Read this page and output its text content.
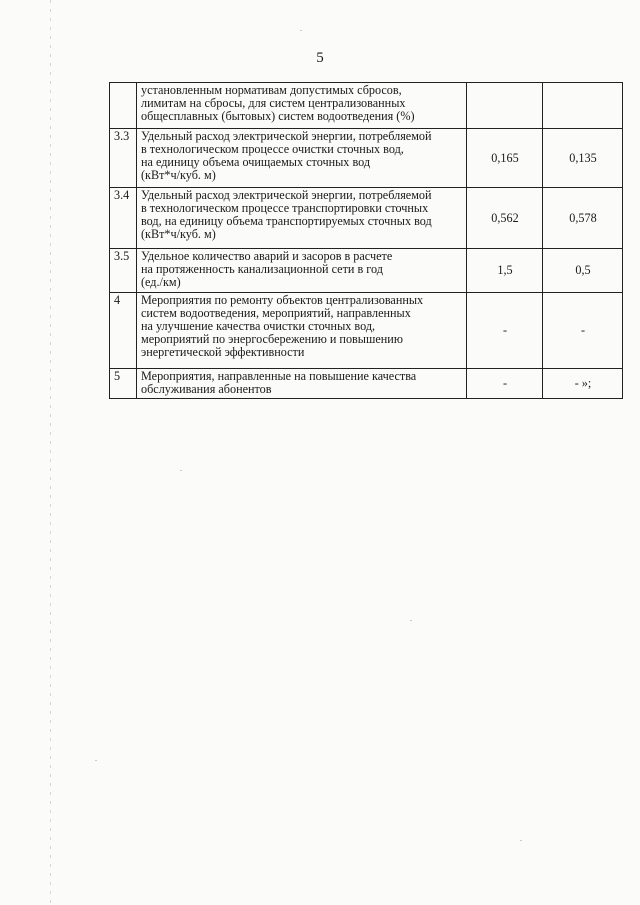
5
	установленным нормативам допустимых сбросов,
лимитам на сбросы, для систем централизованных
общесплавных (бытовых) систем водоотведения (%)		
3.3	Удельный расход электрической энергии, потребляемой
в технологическом процессе очистки сточных вод,
на единицу объема очищаемых сточных вод
(кВт*ч/куб. м)	0,165	0,135
3.4	Удельный расход электрической энергии, потребляемой
в технологическом процессе транспортировки сточных
вод, на единицу объема транспортируемых сточных вод
(кВт*ч/куб. м)	0,562	0,578
3.5	Удельное количество аварий и засоров в расчете
на протяженность канализационной сети в год
(ед./км)	1,5	0,5
4	Мероприятия по ремонту объектов централизованных
систем водоотведения, мероприятий, направленных
на улучшение качества очистки сточных вод,
мероприятий по энергосбережению и повышению
энергетической эффективности	-	-
5	Мероприятия, направленные на повышение качества
обслуживания абонентов	-	- »;
